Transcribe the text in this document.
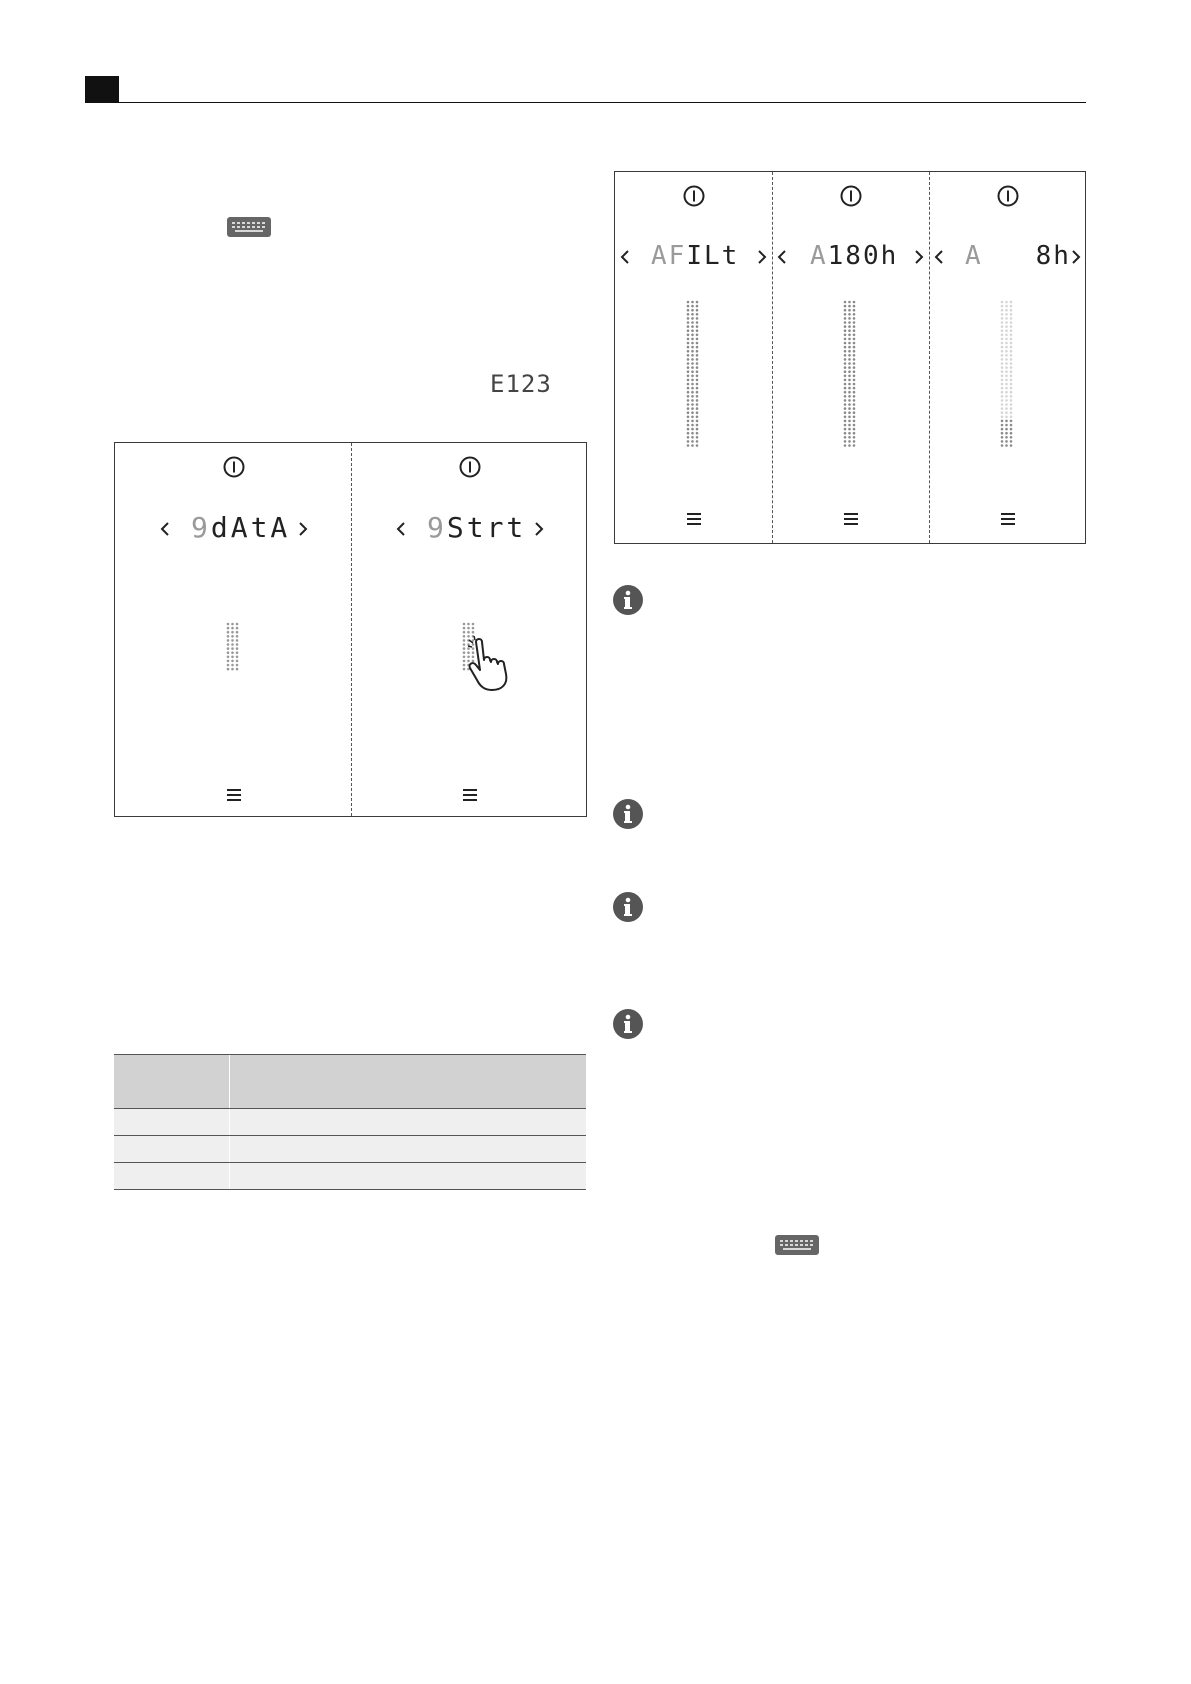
E123
9dAtA	9Strt
AFILt	A180h	A   8h
